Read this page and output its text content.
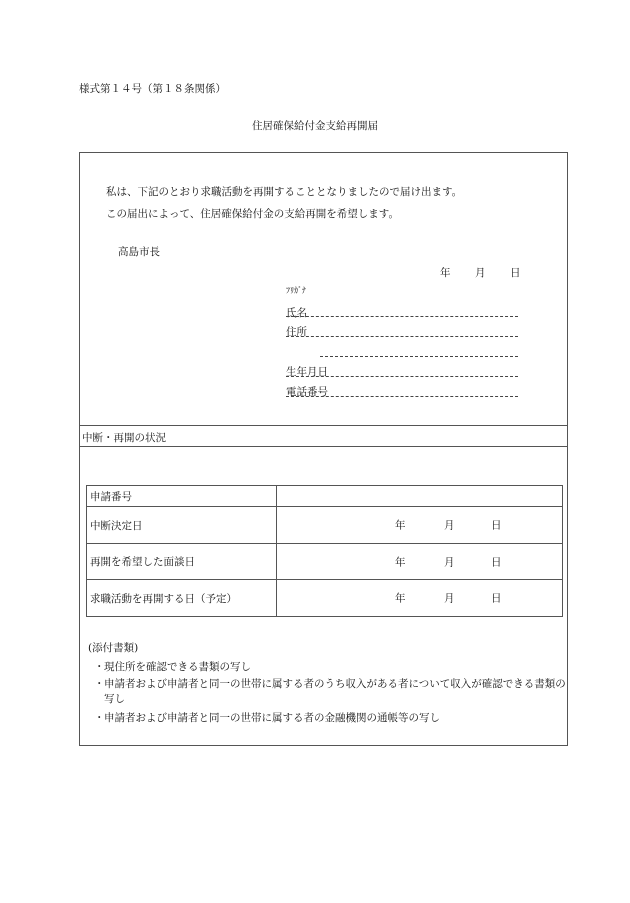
様式第１４号（第１８条関係）
住居確保給付金支給再開届
私は、下記のとおり求職活動を再開することとなりましたので届け出ます。
この届出によって、住居確保給付金の支給再開を希望します。
高島市長
年 月 日
ﾌﾘｶﾞﾅ
氏名
住所
生年月日
電話番号
中断・再開の状況
申請番号	
中断決定日	年 月 日

再開を希望した面談日	年 月 日

求職活動を再開する日（予定）	年 月 日
(添付書類)
・ 現住所を確認できる書類の写し
・ 申請者および申請者と同一の世帯に属する者のうち収入がある者について収入が確認できる書類の写し
・ 申請者および申請者と同一の世帯に属する者の金融機関の通帳等の写し
